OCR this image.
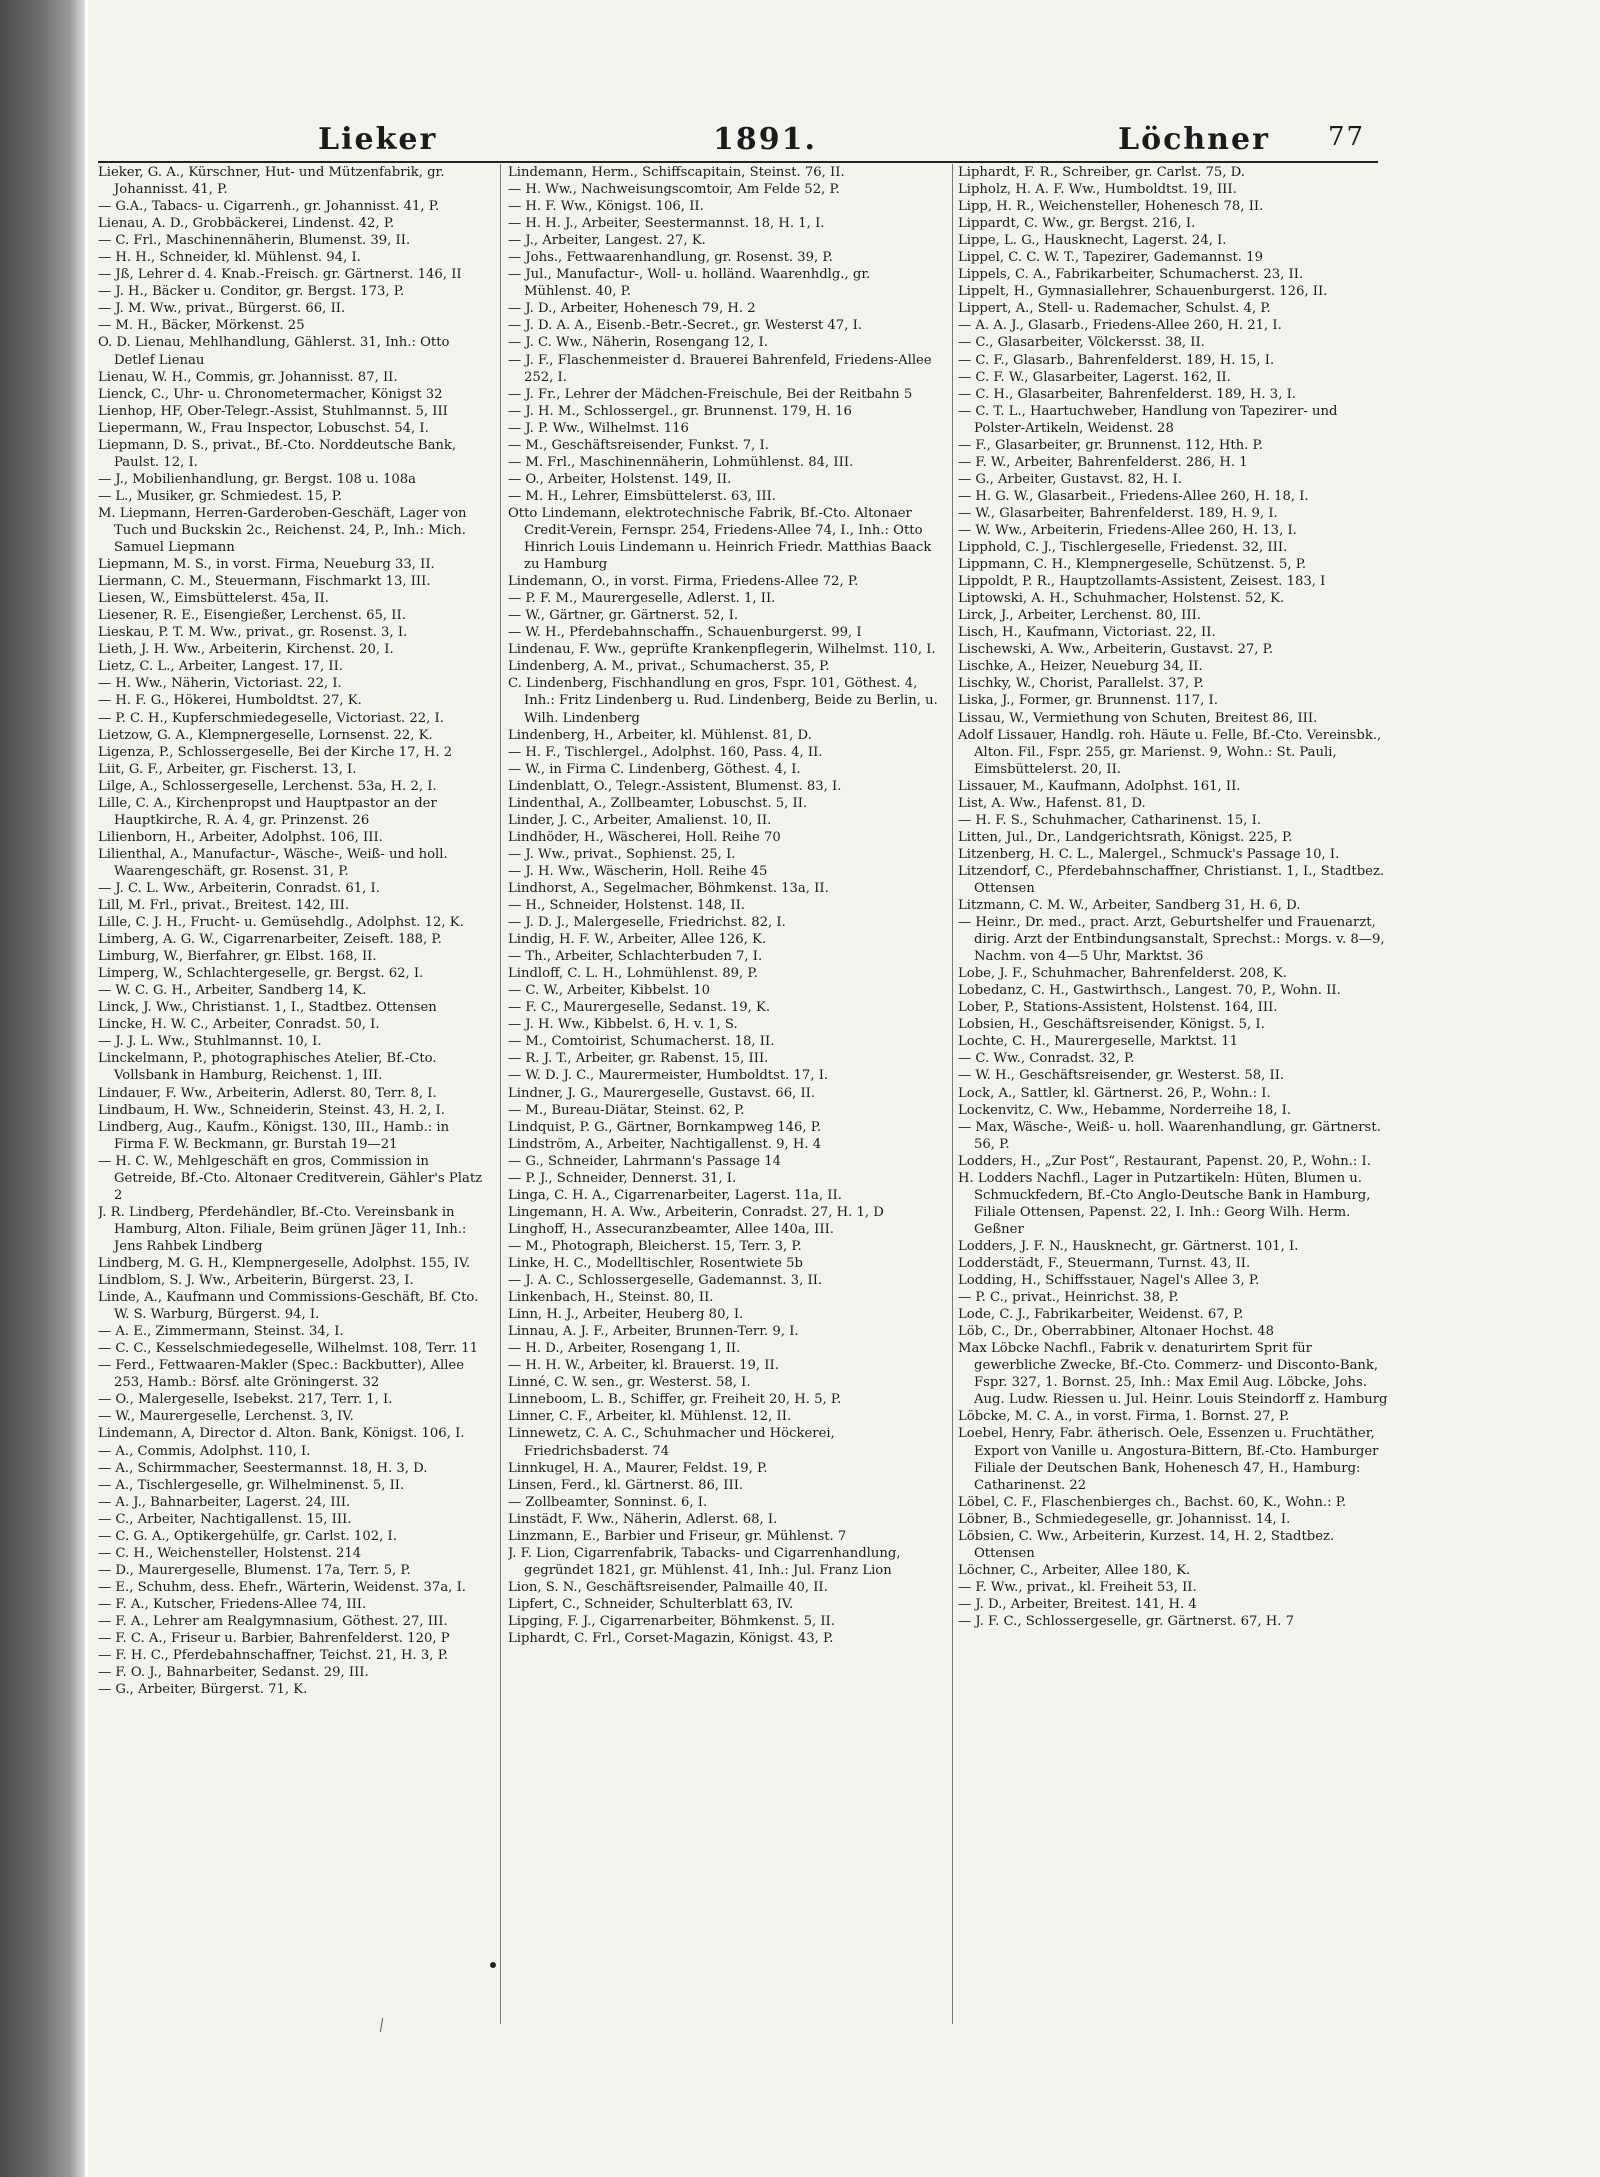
Lieker	1891.	Löchner 77

Lieker, G. A., Kürschner, Hut- und Mützenfabrik, gr. Johannisst. 41, P.

— G.A., Tabacs- u. Cigarrenh., gr. Johannisst. 41, P.

Lienau, A. D., Grobbäckerei, Lindenst. 42, P.

— C. Frl., Maschinennäherin, Blumenst. 39, II.

— H. H., Schneider, kl. Mühlenst. 94, I.

— Jß, Lehrer d. 4. Knab.-Freisch. gr. Gärtnerst. 146, II

— J. H., Bäcker u. Conditor, gr. Bergst. 173, P.

— J. M. Ww., privat., Bürgerst. 66, II.

— M. H., Bäcker, Mörkenst. 25

O. D. Lienau, Mehlhandlung, Gählerst. 31, Inh.: Otto Detlef Lienau

Lienau, W. H., Commis, gr. Johannisst. 87, II.

Lienck, C., Uhr- u. Chronometermacher, Königst 32

Lienhop, HF, Ober-Telegr.-Assist, Stuhlmannst. 5, III

Liepermann, W., Frau Inspector, Lobuschst. 54, I.

Liepmann, D. S., privat., Bf.-Cto. Norddeutsche Bank, Paulst. 12, I.

— J., Mobilienhandlung, gr. Bergst. 108 u. 108a

— L., Musiker, gr. Schmiedest. 15, P.

M. Liepmann, Herren-Garderoben-Geschäft, Lager von Tuch und Buckskin 2c., Reichenst. 24, P., Inh.: Mich. Samuel Liepmann

Liepmann, M. S., in vorst. Firma, Neueburg 33, II.

Liermann, C. M., Steuermann, Fischmarkt 13, III.

Liesen, W., Eimsbüttelerst. 45a, II.

Liesener, R. E., Eisengießer, Lerchenst. 65, II.

Lieskau, P. T. M. Ww., privat., gr. Rosenst. 3, I.

Lieth, J. H. Ww., Arbeiterin, Kirchenst. 20, I.

Lietz, C. L., Arbeiter, Langest. 17, II.

— H. Ww., Näherin, Victoriast. 22, I.

— H. F. G., Hökerei, Humboldtst. 27, K.

— P. C. H., Kupferschmiedegeselle, Victoriast. 22, I.

Lietzow, G. A., Klempnergeselle, Lornsenst. 22, K.

Ligenza, P., Schlossergeselle, Bei der Kirche 17, H. 2

Liit, G. F., Arbeiter, gr. Fischerst. 13, I.

Lilge, A., Schlossergeselle, Lerchenst. 53a, H. 2, I.

Lille, C. A., Kirchenpropst und Hauptpastor an der Hauptkirche, R. A. 4, gr. Prinzenst. 26

Lilienborn, H., Arbeiter, Adolphst. 106, III.

Lilienthal, A., Manufactur-, Wäsche-, Weiß- und holl. Waarengeschäft, gr. Rosenst. 31, P.

— J. C. L. Ww., Arbeiterin, Conradst. 61, I.

Lill, M. Frl., privat., Breitest. 142, III.

Lille, C. J. H., Frucht- u. Gemüsehdlg., Adolphst. 12, K.

Limberg, A. G. W., Cigarrenarbeiter, Zeiseft. 188, P.

Limburg, W., Bierfahrer, gr. Elbst. 168, II.

Limperg, W., Schlachtergeselle, gr. Bergst. 62, I.

— W. C. G. H., Arbeiter, Sandberg 14, K.

Linck, J. Ww., Christianst. 1, I., Stadtbez. Ottensen

Lincke, H. W. C., Arbeiter, Conradst. 50, I.

— J. J. L. Ww., Stuhlmannst. 10, I.

Linckelmann, P., photographisches Atelier, Bf.-Cto. Vollsbank in Hamburg, Reichenst. 1, III.

Lindauer, F. Ww., Arbeiterin, Adlerst. 80, Terr. 8, I.

Lindbaum, H. Ww., Schneiderin, Steinst. 43, H. 2, I.

Lindberg, Aug., Kaufm., Königst. 130, III., Hamb.: in Firma F. W. Beckmann, gr. Burstah 19—21

— H. C. W., Mehlgeschäft en gros, Commission in Getreide, Bf.-Cto. Altonaer Creditverein, Gähler's Platz 2

J. R. Lindberg, Pferdehändler, Bf.-Cto. Vereinsbank in Hamburg, Alton. Filiale, Beim grünen Jäger 11, Inh.: Jens Rahbek Lindberg

Lindberg, M. G. H., Klempnergeselle, Adolphst. 155, IV.

Lindblom, S. J. Ww., Arbeiterin, Bürgerst. 23, I.

Linde, A., Kaufmann und Commissions-Geschäft, Bf. Cto. W. S. Warburg, Bürgerst. 94, I.

— A. E., Zimmermann, Steinst. 34, I.

— C. C., Kesselschmiedegeselle, Wilhelmst. 108, Terr. 11

— Ferd., Fettwaaren-Makler (Spec.: Backbutter), Allee 253, Hamb.: Börsf. alte Gröningerst. 32

— O., Malergeselle, Isebekst. 217, Terr. 1, I.

— W., Maurergeselle, Lerchenst. 3, IV.

Lindemann, A, Director d. Alton. Bank, Königst. 106, I.

— A., Commis, Adolphst. 110, I.

— A., Schirmmacher, Seestermannst. 18, H. 3, D.

— A., Tischlergeselle, gr. Wilhelminenst. 5, II.

— A. J., Bahnarbeiter, Lagerst. 24, III.

— C., Arbeiter, Nachtigallenst. 15, III.

— C. G. A., Optikergehülfe, gr. Carlst. 102, I.

— C. H., Weichensteller, Holstenst. 214

— D., Maurergeselle, Blumenst. 17a, Terr. 5, P.

— E., Schuhm, dess. Ehefr., Wärterin, Weidenst. 37a, I.

— F. A., Kutscher, Friedens-Allee 74, III.

— F. A., Lehrer am Realgymnasium, Göthest. 27, III.

— F. C. A., Friseur u. Barbier, Bahrenfelderst. 120, P

— F. H. C., Pferdebahnschaffner, Teichst. 21, H. 3, P.

— F. O. J., Bahnarbeiter, Sedanst. 29, III.

— G., Arbeiter, Bürgerst. 71, K.

Lindemann, Herm., Schiffscapitain, Steinst. 76, II.

— H. Ww., Nachweisungscomtoir, Am Felde 52, P.

— H. F. Ww., Königst. 106, II.

— H. H. J., Arbeiter, Seestermannst. 18, H. 1, I.

— J., Arbeiter, Langest. 27, K.

— Johs., Fettwaarenhandlung, gr. Rosenst. 39, P.

— Jul., Manufactur-, Woll- u. holländ. Waarenhdlg., gr. Mühlenst. 40, P.

— J. D., Arbeiter, Hohenesch 79, H. 2

— J. D. A. A., Eisenb.-Betr.-Secret., gr. Westerst 47, I.

— J. C. Ww., Näherin, Rosengang 12, I.

— J. F., Flaschenmeister d. Brauerei Bahrenfeld, Friedens-Allee 252, I.

— J. Fr., Lehrer der Mädchen-Freischule, Bei der Reitbahn 5

— J. H. M., Schlossergel., gr. Brunnenst. 179, H. 16

— J. P. Ww., Wilhelmst. 116

— M., Geschäftsreisender, Funkst. 7, I.

— M. Frl., Maschinennäherin, Lohmühlenst. 84, III.

— O., Arbeiter, Holstenst. 149, II.

— M. H., Lehrer, Eimsbüttelerst. 63, III.

Otto Lindemann, elektrotechnische Fabrik, Bf.-Cto. Altonaer Credit-Verein, Fernspr. 254, Friedens-Allee 74, I., Inh.: Otto Hinrich Louis Lindemann u. Heinrich Friedr. Matthias Baack zu Hamburg

Lindemann, O., in vorst. Firma, Friedens-Allee 72, P.

— P. F. M., Maurergeselle, Adlerst. 1, II.

— W., Gärtner, gr. Gärtnerst. 52, I.

— W. H., Pferdebahnschaffn., Schauenburgerst. 99, I

Lindenau, F. Ww., geprüfte Krankenpflegerin, Wilhelmst. 110, I.

Lindenberg, A. M., privat., Schumacherst. 35, P.

C. Lindenberg, Fischhandlung en gros, Fspr. 101, Göthest. 4, Inh.: Fritz Lindenberg u. Rud. Lindenberg, Beide zu Berlin, u. Wilh. Lindenberg

Lindenberg, H., Arbeiter, kl. Mühlenst. 81, D.

— H. F., Tischlergel., Adolphst. 160, Pass. 4, II.

— W., in Firma C. Lindenberg, Göthest. 4, I.

Lindenblatt, O., Telegr.-Assistent, Blumenst. 83, I.

Lindenthal, A., Zollbeamter, Lobuschst. 5, II.

Linder, J. C., Arbeiter, Amalienst. 10, II.

Lindhöder, H., Wäscherei, Holl. Reihe 70

— J. Ww., privat., Sophienst. 25, I.

— J. H. Ww., Wäscherin, Holl. Reihe 45

Lindhorst, A., Segelmacher, Böhmkenst. 13a, II.

— H., Schneider, Holstenst. 148, II.

— J. D. J., Malergeselle, Friedrichst. 82, I.

Lindig, H. F. W., Arbeiter, Allee 126, K.

— Th., Arbeiter, Schlachterbuden 7, I.

Lindloff, C. L. H., Lohmühlenst. 89, P.

— C. W., Arbeiter, Kibbelst. 10

— F. C., Maurergeselle, Sedanst. 19, K.

— J. H. Ww., Kibbelst. 6, H. v. 1, S.

— M., Comtoirist, Schumacherst. 18, II.

— R. J. T., Arbeiter, gr. Rabenst. 15, III.

— W. D. J. C., Maurermeister, Humboldtst. 17, I.

Lindner, J. G., Maurergeselle, Gustavst. 66, II.

— M., Bureau-Diätar, Steinst. 62, P.

Lindquist, P. G., Gärtner, Bornkampweg 146, P.

Lindström, A., Arbeiter, Nachtigallenst. 9, H. 4

— G., Schneider, Lahrmann's Passage 14

— P. J., Schneider, Dennerst. 31, I.

Linga, C. H. A., Cigarrenarbeiter, Lagerst. 11a, II.

Lingemann, H. A. Ww., Arbeiterin, Conradst. 27, H. 1, D

Linghoff, H., Assecuranzbeamter, Allee 140a, III.

— M., Photograph, Bleicherst. 15, Terr. 3, P.

Linke, H. C., Modelltischler, Rosentwiete 5b

— J. A. C., Schlossergeselle, Gademannst. 3, II.

Linkenbach, H., Steinst. 80, II.

Linn, H. J., Arbeiter, Heuberg 80, I.

Linnau, A. J. F., Arbeiter, Brunnen-Terr. 9, I.

— H. D., Arbeiter, Rosengang 1, II.

— H. H. W., Arbeiter, kl. Brauerst. 19, II.

Linné, C. W. sen., gr. Westerst. 58, I.

Linneboom, L. B., Schiffer, gr. Freiheit 20, H. 5, P.

Linner, C. F., Arbeiter, kl. Mühlenst. 12, II.

Linnewetz, C. A. C., Schuhmacher und Höckerei, Friedrichsbaderst. 74

Linnkugel, H. A., Maurer, Feldst. 19, P.

Linsen, Ferd., kl. Gärtnerst. 86, III.

— Zollbeamter, Sonninst. 6, I.

Linstädt, F. Ww., Näherin, Adlerst. 68, I.

Linzmann, E., Barbier und Friseur, gr. Mühlenst. 7

J. F. Lion, Cigarrenfabrik, Tabacks- und Cigarrenhandlung, gegründet 1821, gr. Mühlenst. 41, Inh.: Jul. Franz Lion

Lion, S. N., Geschäftsreisender, Palmaille 40, II.

Lipfert, C., Schneider, Schulterblatt 63, IV.

Lipging, F. J., Cigarrenarbeiter, Böhmkenst. 5, II.

Liphardt, C. Frl., Corset-Magazin, Königst. 43, P.

Liphardt, F. R., Schreiber, gr. Carlst. 75, D.

Lipholz, H. A. F. Ww., Humboldtst. 19, III.

Lipp, H. R., Weichensteller, Hohenesch 78, II.

Lippardt, C. Ww., gr. Bergst. 216, I.

Lippe, L. G., Hausknecht, Lagerst. 24, I.

Lippel, C. C. W. T., Tapezirer, Gademannst. 19

Lippels, C. A., Fabrikarbeiter, Schumacherst. 23, II.

Lippelt, H., Gymnasiallehrer, Schauenburgerst. 126, II.

Lippert, A., Stell- u. Rademacher, Schulst. 4, P.

— A. A. J., Glasarb., Friedens-Allee 260, H. 21, I.

— C., Glasarbeiter, Völckersst. 38, II.

— C. F., Glasarb., Bahrenfelderst. 189, H. 15, I.

— C. F. W., Glasarbeiter, Lagerst. 162, II.

— C. H., Glasarbeiter, Bahrenfelderst. 189, H. 3, I.

— C. T. L., Haartuchweber, Handlung von Tapezirer- und Polster-Artikeln, Weidenst. 28

— F., Glasarbeiter, gr. Brunnenst. 112, Hth. P.

— F. W., Arbeiter, Bahrenfelderst. 286, H. 1

— G., Arbeiter, Gustavst. 82, H. I.

— H. G. W., Glasarbeit., Friedens-Allee 260, H. 18, I.

— W., Glasarbeiter, Bahrenfelderst. 189, H. 9, I.

— W. Ww., Arbeiterin, Friedens-Allee 260, H. 13, I.

Lipphold, C. J., Tischlergeselle, Friedenst. 32, III.

Lippmann, C. H., Klempnergeselle, Schützenst. 5, P.

Lippoldt, P. R., Hauptzollamts-Assistent, Zeisest. 183, I

Liptowski, A. H., Schuhmacher, Holstenst. 52, K.

Lirck, J., Arbeiter, Lerchenst. 80, III.

Lisch, H., Kaufmann, Victoriast. 22, II.

Lischewski, A. Ww., Arbeiterin, Gustavst. 27, P.

Lischke, A., Heizer, Neueburg 34, II.

Lischky, W., Chorist, Parallelst. 37, P.

Liska, J., Former, gr. Brunnenst. 117, I.

Lissau, W., Vermiethung von Schuten, Breitest 86, III.

Adolf Lissauer, Handlg. roh. Häute u. Felle, Bf.-Cto. Vereinsbk., Alton. Fil., Fspr. 255, gr. Marienst. 9, Wohn.: St. Pauli, Eimsbüttelerst. 20, II.

Lissauer, M., Kaufmann, Adolphst. 161, II.

List, A. Ww., Hafenst. 81, D.

— H. F. S., Schuhmacher, Catharinenst. 15, I.

Litten, Jul., Dr., Landgerichtsrath, Königst. 225, P.

Litzenberg, H. C. L., Malergel., Schmuck's Passage 10, I.

Litzendorf, C., Pferdebahnschaffner, Christianst. 1, I., Stadtbez. Ottensen

Litzmann, C. M. W., Arbeiter, Sandberg 31, H. 6, D.

— Heinr., Dr. med., pract. Arzt, Geburtshelfer und Frauenarzt, dirig. Arzt der Entbindungsanstalt, Sprechst.: Morgs. v. 8—9, Nachm. von 4—5 Uhr, Marktst. 36

Lobe, J. F., Schuhmacher, Bahrenfelderst. 208, K.

Lobedanz, C. H., Gastwirthsch., Langest. 70, P., Wohn. II.

Lober, P., Stations-Assistent, Holstenst. 164, III.

Lobsien, H., Geschäftsreisender, Königst. 5, I.

Lochte, C. H., Maurergeselle, Marktst. 11

— C. Ww., Conradst. 32, P.

— W. H., Geschäftsreisender, gr. Westerst. 58, II.

Lock, A., Sattler, kl. Gärtnerst. 26, P., Wohn.: I.

Lockenvitz, C. Ww., Hebamme, Norderreihe 18, I.

— Max, Wäsche-, Weiß- u. holl. Waarenhandlung, gr. Gärtnerst. 56, P.

Lodders, H., „Zur Post“, Restaurant, Papenst. 20, P., Wohn.: I.

H. Lodders Nachfl., Lager in Putzartikeln: Hüten, Blumen u. Schmuckfedern, Bf.-Cto Anglo-Deutsche Bank in Hamburg, Filiale Ottensen, Papenst. 22, I. Inh.: Georg Wilh. Herm. Geßner

Lodders, J. F. N., Hausknecht, gr. Gärtnerst. 101, I.

Lodderstädt, F., Steuermann, Turnst. 43, II.

Lodding, H., Schiffsstauer, Nagel's Allee 3, P.

— P. C., privat., Heinrichst. 38, P.

Lode, C. J., Fabrikarbeiter, Weidenst. 67, P.

Löb, C., Dr., Oberrabbiner, Altonaer Hochst. 48

Max Löbcke Nachfl., Fabrik v. denaturirtem Sprit für gewerbliche Zwecke, Bf.-Cto. Commerz- und Disconto-Bank, Fspr. 327, 1. Bornst. 25, Inh.: Max Emil Aug. Löbcke, Johs. Aug. Ludw. Riessen u. Jul. Heinr. Louis Steindorff z. Hamburg

Löbcke, M. C. A., in vorst. Firma, 1. Bornst. 27, P.

Loebel, Henry, Fabr. ätherisch. Oele, Essenzen u. Fruchtäther, Export von Vanille u. Angostura-Bittern, Bf.-Cto. Hamburger Filiale der Deutschen Bank, Hohenesch 47, H., Hamburg: Catharinenst. 22

Löbel, C. F., Flaschenbierges ch., Bachst. 60, K., Wohn.: P.

Löbner, B., Schmiedegeselle, gr. Johannisst. 14, I.

Löbsien, C. Ww., Arbeiterin, Kurzest. 14, H. 2, Stadtbez. Ottensen

Löchner, C., Arbeiter, Allee 180, K.

— F. Ww., privat., kl. Freiheit 53, II.

— J. D., Arbeiter, Breitest. 141, H. 4

— J. F. C., Schlossergeselle, gr. Gärtnerst. 67, H. 7
